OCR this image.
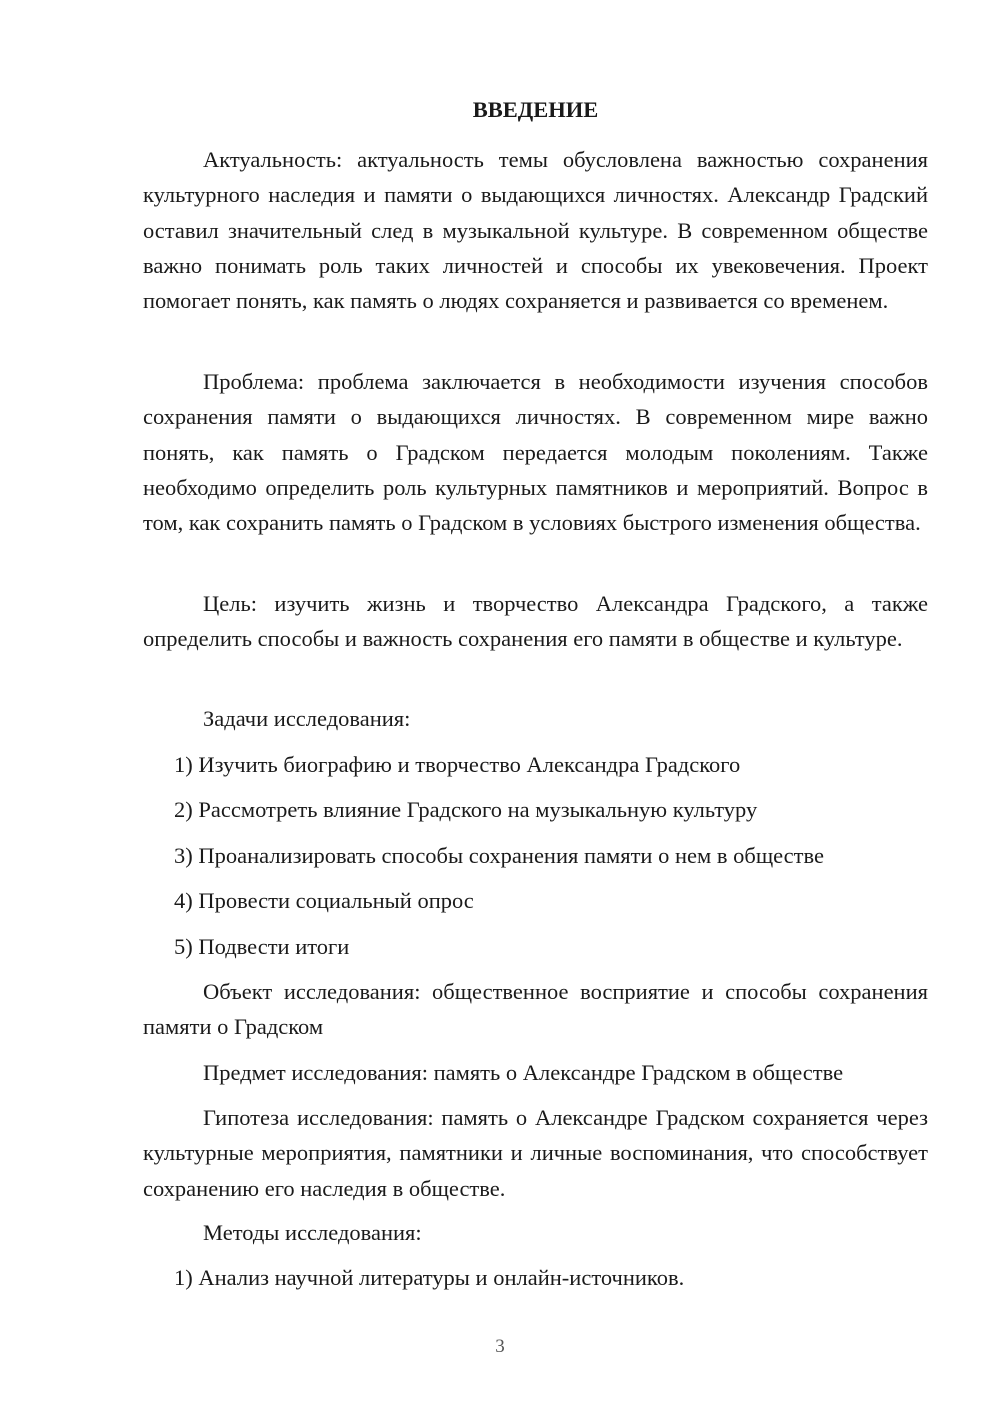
ВВЕДЕНИЕ

Актуальность: актуальность темы обусловлена важностью сохранения культурного наследия и памяти о выдающихся личностях. Александр Градский оставил значительный след в музыкальной культуре. В современном обществе важно понимать роль таких личностей и способы их увековечения. Проект помогает понять, как память о людях сохраняется и развивается со временем.

Проблема: проблема заключается в необходимости изучения способов сохранения памяти о выдающихся личностях. В современном мире важно понять, как память о Градском передается молодым поколениям. Также необходимо определить роль культурных памятников и мероприятий. Вопрос в том, как сохранить память о Градском в условиях быстрого изменения общества.

Цель: изучить жизнь и творчество Александра Градского, а также определить способы и важность сохранения его памяти в обществе и культуре.

Задачи исследования:

1) Изучить биографию и творчество Александра Градского

2) Рассмотреть влияние Градского на музыкальную культуру

3) Проанализировать способы сохранения памяти о нем в обществе

4) Провести социальный опрос

5) Подвести итоги

Объект исследования: общественное восприятие и способы сохранения памяти о Градском

Предмет исследования: память о Александре Градском в обществе

Гипотеза исследования: память о Александре Градском сохраняется через культурные мероприятия, памятники и личные воспоминания, что способствует сохранению его наследия в обществе.

Методы исследования:

1) Анализ научной литературы и онлайн-источников.

3
